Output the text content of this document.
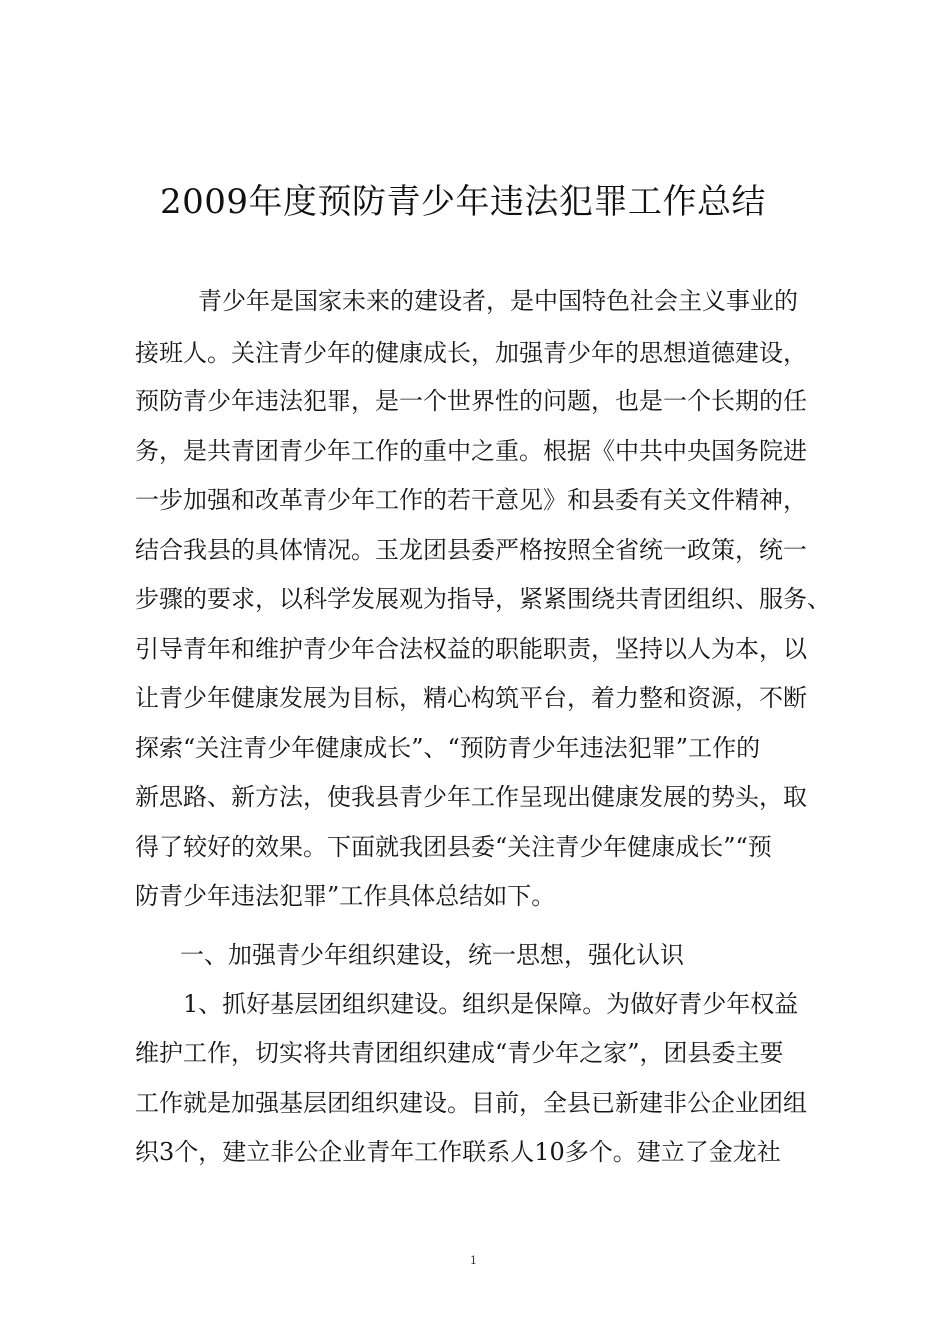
2009年度预防青少年违法犯罪工作总结
青少年是国家未来的建设者，是中国特色社会主义事业的
接班人。关注青少年的健康成长，加强青少年的思想道德建设，
预防青少年违法犯罪，是一个世界性的问题，也是一个长期的任
务，是共青团青少年工作的重中之重。根据《中共中央国务院进
一步加强和改革青少年工作的若干意见》和县委有关文件精神，
结合我县的具体情况。玉龙团县委严格按照全省统一政策，统一
步骤的要求，以科学发展观为指导，紧紧围绕共青团组织、服务、
引导青年和维护青少年合法权益的职能职责，坚持以人为本，以
让青少年健康发展为目标，精心构筑平台，着力整和资源，不断
探索“关注青少年健康成长”、“预防青少年违法犯罪”工作的
新思路、新方法，使我县青少年工作呈现出健康发展的势头，取
得了较好的效果。下面就我团县委“关注青少年健康成长”“预
防青少年违法犯罪”工作具体总结如下。
一、加强青少年组织建设，统一思想，强化认识
1、抓好基层团组织建设。组织是保障。为做好青少年权益
维护工作，切实将共青团组织建成“青少年之家”，团县委主要
工作就是加强基层团组织建设。目前，全县已新建非公企业团组
织3个，建立非公企业青年工作联系人10多个。建立了金龙社
1
